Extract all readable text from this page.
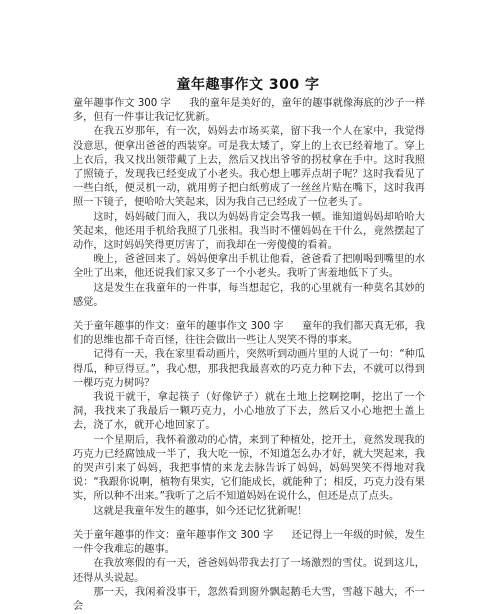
童年趣事作文 300 字

童年趣事作文 300 字 我的童年是美好的，童年的趣事就像海底的沙子一样多，但有一件事让我记忆犹新。

在我五岁那年，有一次，妈妈去市场买菜，留下我一个人在家中，我觉得没意思，便拿出爸爸的西装穿。可是我太矮了，穿上的上衣已经着地了。穿上上衣后，我又找出领带戴了上去，然后又找出爷爷的拐杖拿在手中。这时我照了照镜子，发现我已经变成了小老头。我心想上哪弄点胡子呢？这时我看见了一些白纸，便灵机一动，就用剪子把白纸剪成了一丝丝片贴在嘴下，这时我再照一下镜子，便哈哈大笑起来，因为我自己已经成了一位老头了。

这时，妈妈破门而入，我以为妈妈肯定会骂我一顿。谁知道妈妈却哈哈大笑起来，他还用手机给我照了几张相。我当时不懂妈妈在干什么，竟然摆起了动作，这时妈妈笑得更厉害了，而我却在一旁傻傻的看着。

晚上，爸爸回来了。妈妈便拿出手机让他看，爸爸看了把刚喝到嘴里的水全吐了出来，他还说我们家又多了一个小老头。我听了害羞地低下了头。

这是发生在我童年的一件事，每当想起它，我的心里就有一种莫名其妙的感觉。

关于童年趣事的作文：童年的趣事作文 300 字 童年的我们都天真无邪，我们的思维也都千奇百怪，往往会做出一些让人哭笑不得的事来。

记得有一天，我在家里看动画片，突然听到动画片里的人说了一句：“种瓜得瓜，种豆得豆。”，我心想，那我把我最喜欢的巧克力种下去，不就可以得到一棵巧克力树吗？

我说干就干，拿起筷子（好像铲子）就在土地上挖啊挖啊，挖出了一个洞，我找来了我最后一颗巧克力，小心地放了下去，然后又小心地把土盖上去，浇了水，就开心地回家了。

一个星期后，我怀着激动的心情，来到了种植处，挖开土，竟然发现我的巧克力已经腐蚀成一半了，我大吃一惊，不知道怎么办才好，就大哭起来，我的哭声引来了妈妈，我把事情的来龙去脉告诉了妈妈，妈妈哭笑不得地对我说：“我跟你说啊，植物有果实，它们能成长，就能种了；相反，巧克力没有果实，所以种不出来。”我听了之后不知道妈妈在说什么，但还是点了点头。

这就是我童年发生的趣事，如今还记忆犹新呢！

关于童年趣事的作文：童年趣事作文 300 字 还记得上一年级的时候，发生一件令我难忘的趣事。

在我放寒假的有一天，爸爸妈妈带我去打了一场激烈的雪仗。说到这儿，还得从头说起。

那一天，我闲着没事干，忽然看到窗外飘起鹅毛大雪，雪越下越大，不一会
